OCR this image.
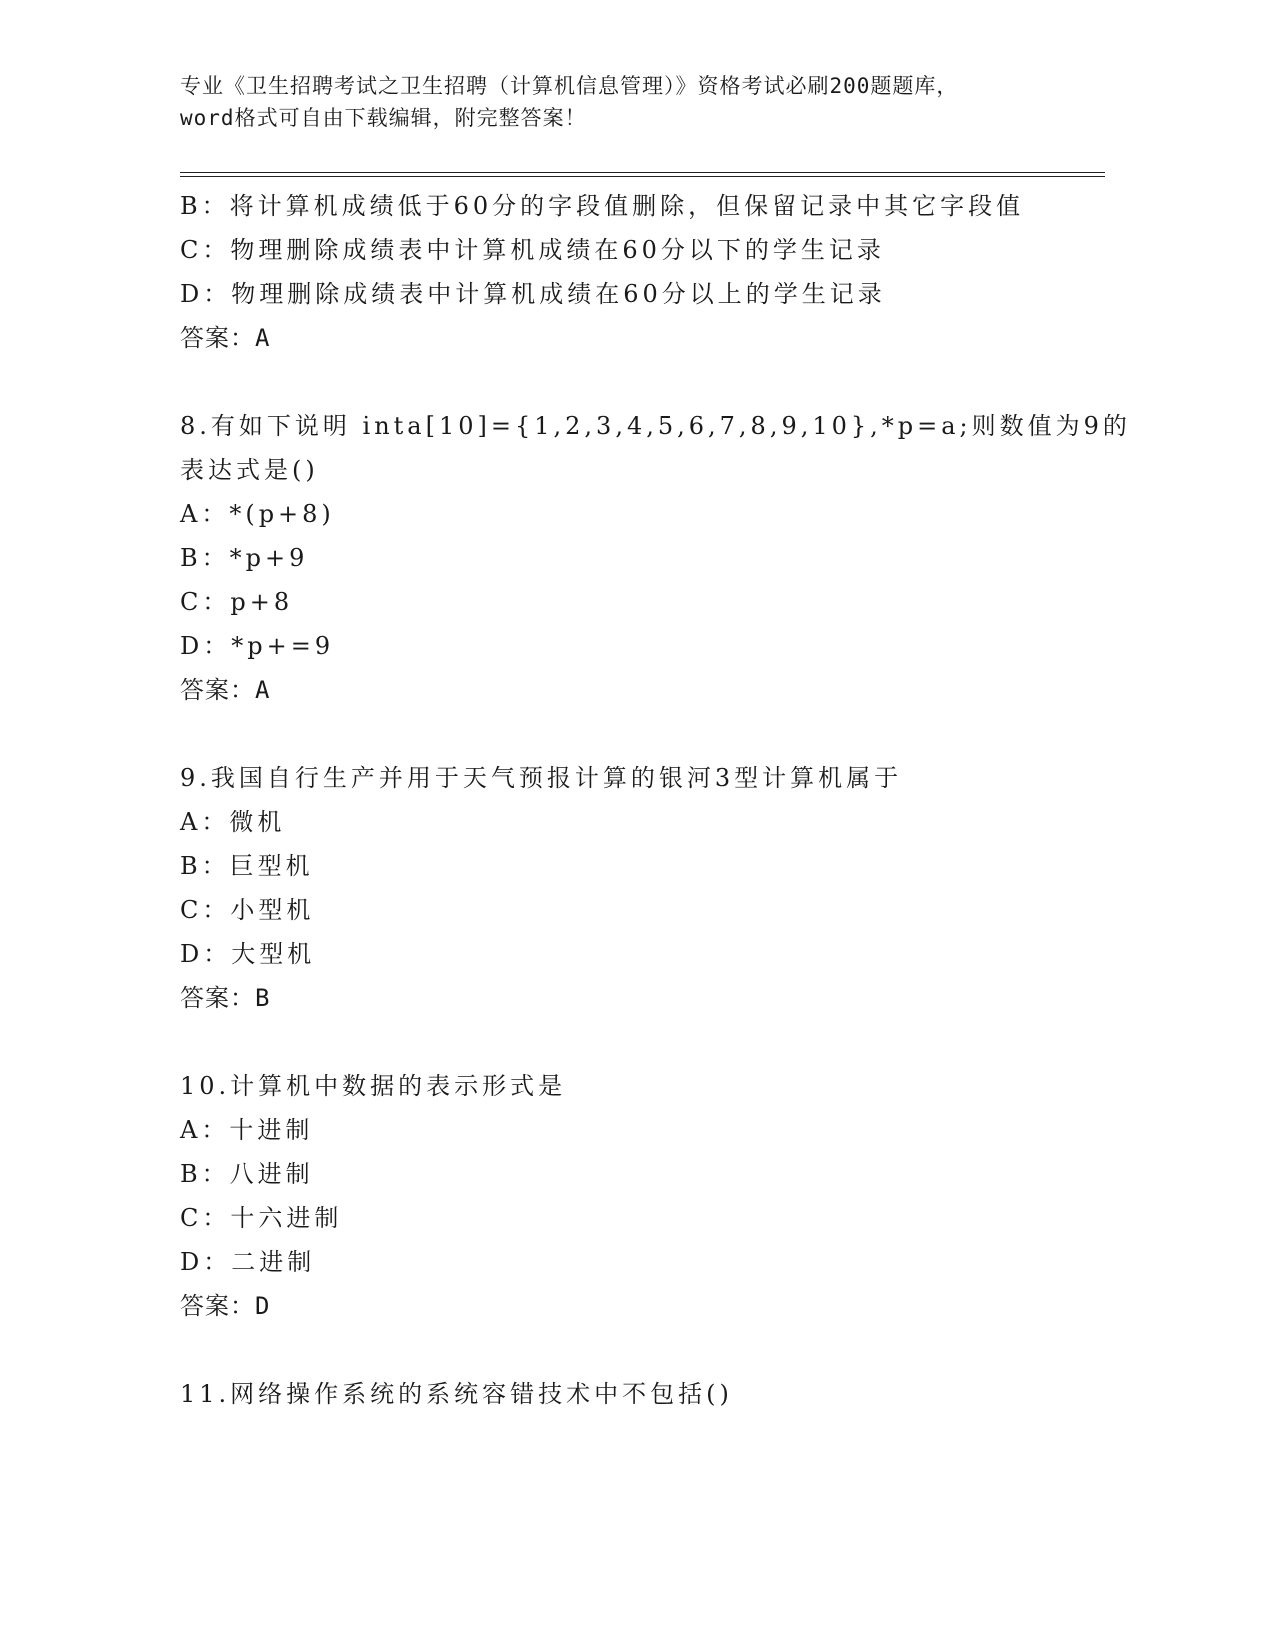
专业《卫生招聘考试之卫生招聘（计算机信息管理）》资格考试必刷200题题库，
word格式可自由下载编辑，附完整答案！
B：将计算机成绩低于60分的字段值删除，但保留记录中其它字段值
C：物理删除成绩表中计算机成绩在60分以下的学生记录
D：物理删除成绩表中计算机成绩在60分以上的学生记录
答案：A
8.有如下说明 inta[10]={1,2,3,4,5,6,7,8,9,10},*p=a;则数值为9的
表达式是()
A：*(p+8)
B：*p+9
C：p+8
D：*p+=9
答案：A
9.我国自行生产并用于天气预报计算的银河3型计算机属于
A：微机
B：巨型机
C：小型机
D：大型机
答案：B
10.计算机中数据的表示形式是
A：十进制
B：八进制
C：十六进制
D：二进制
答案：D
11.网络操作系统的系统容错技术中不包括()
